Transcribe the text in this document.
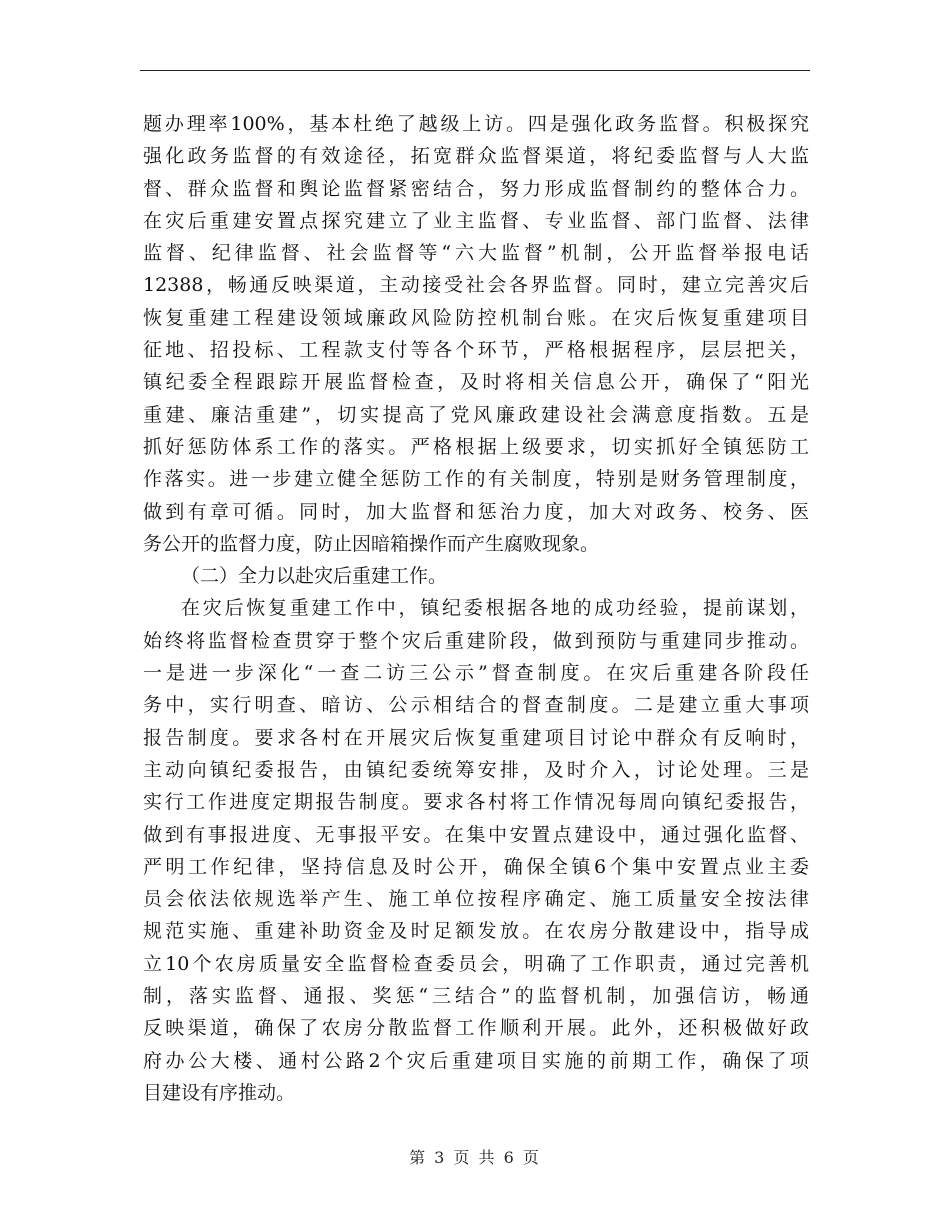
题办理率100%，基本杜绝了越级上访。四是强化政务监督。积极探究
强化政务监督的有效途径，拓宽群众监督渠道，将纪委监督与人大监
督、群众监督和舆论监督紧密结合，努力形成监督制约的整体合力。
在灾后重建安置点探究建立了业主监督、专业监督、部门监督、法律
监督、纪律监督、社会监督等“六大监督”机制，公开监督举报电话
12388，畅通反映渠道，主动接受社会各界监督。同时，建立完善灾后
恢复重建工程建设领域廉政风险防控机制台账。在灾后恢复重建项目
征地、招投标、工程款支付等各个环节，严格根据程序，层层把关，
镇纪委全程跟踪开展监督检查，及时将相关信息公开，确保了“阳光
重建、廉洁重建”，切实提高了党风廉政建设社会满意度指数。五是
抓好惩防体系工作的落实。严格根据上级要求，切实抓好全镇惩防工
作落实。进一步建立健全惩防工作的有关制度，特别是财务管理制度，
做到有章可循。同时，加大监督和惩治力度，加大对政务、校务、医
务公开的监督力度，防止因暗箱操作而产生腐败现象。
（二）全力以赴灾后重建工作。
在灾后恢复重建工作中，镇纪委根据各地的成功经验，提前谋划，
始终将监督检查贯穿于整个灾后重建阶段，做到预防与重建同步推动。
一是进一步深化“一查二访三公示”督查制度。在灾后重建各阶段任
务中，实行明查、暗访、公示相结合的督查制度。二是建立重大事项
报告制度。要求各村在开展灾后恢复重建项目讨论中群众有反响时，
主动向镇纪委报告，由镇纪委统筹安排，及时介入，讨论处理。三是
实行工作进度定期报告制度。要求各村将工作情况每周向镇纪委报告，
做到有事报进度、无事报平安。在集中安置点建设中，通过强化监督、
严明工作纪律，坚持信息及时公开，确保全镇6个集中安置点业主委
员会依法依规选举产生、施工单位按程序确定、施工质量安全按法律
规范实施、重建补助资金及时足额发放。在农房分散建设中，指导成
立10个农房质量安全监督检查委员会，明确了工作职责，通过完善机
制，落实监督、通报、奖惩“三结合”的监督机制，加强信访，畅通
反映渠道，确保了农房分散监督工作顺利开展。此外，还积极做好政
府办公大楼、通村公路2个灾后重建项目实施的前期工作，确保了项
目建设有序推动。
第 3 页 共 6 页
